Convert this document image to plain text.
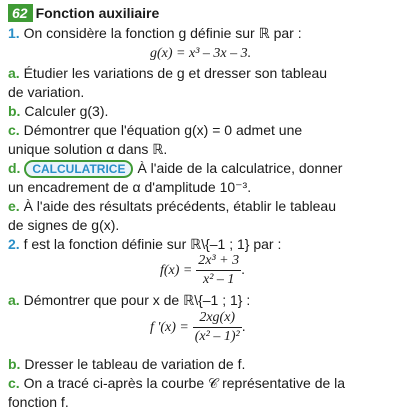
62 Fonction auxiliaire
1. On considère la fonction g définie sur ℝ par :
g(x) = x³ – 3x – 3.
a. Étudier les variations de g et dresser son tableau
de variation.
b. Calculer g(3).
c. Démontrer que l'équation g(x) = 0 admet une
unique solution α dans ℝ.
d. CALCULATRICE À l'aide de la calculatrice, donner
un encadrement de α d'amplitude 10⁻³.
e. À l'aide des résultats précédents, établir le tableau
de signes de g(x).
2. f est la fonction définie sur ℝ\{–1 ; 1} par :
$f(x) = \frac{\text{2x³ + 3}}{\text{x² – 1}}$ .
a. Démontrer que pour x de ℝ\{–1 ; 1} :
f '$(x) = \frac{2xg(x)}{\text{(x² – 1)²}}$ .
b. Dresser le tableau de variation de f.
c. On a tracé ci-après la courbe 𝒞 représentative de la
fonction f.
